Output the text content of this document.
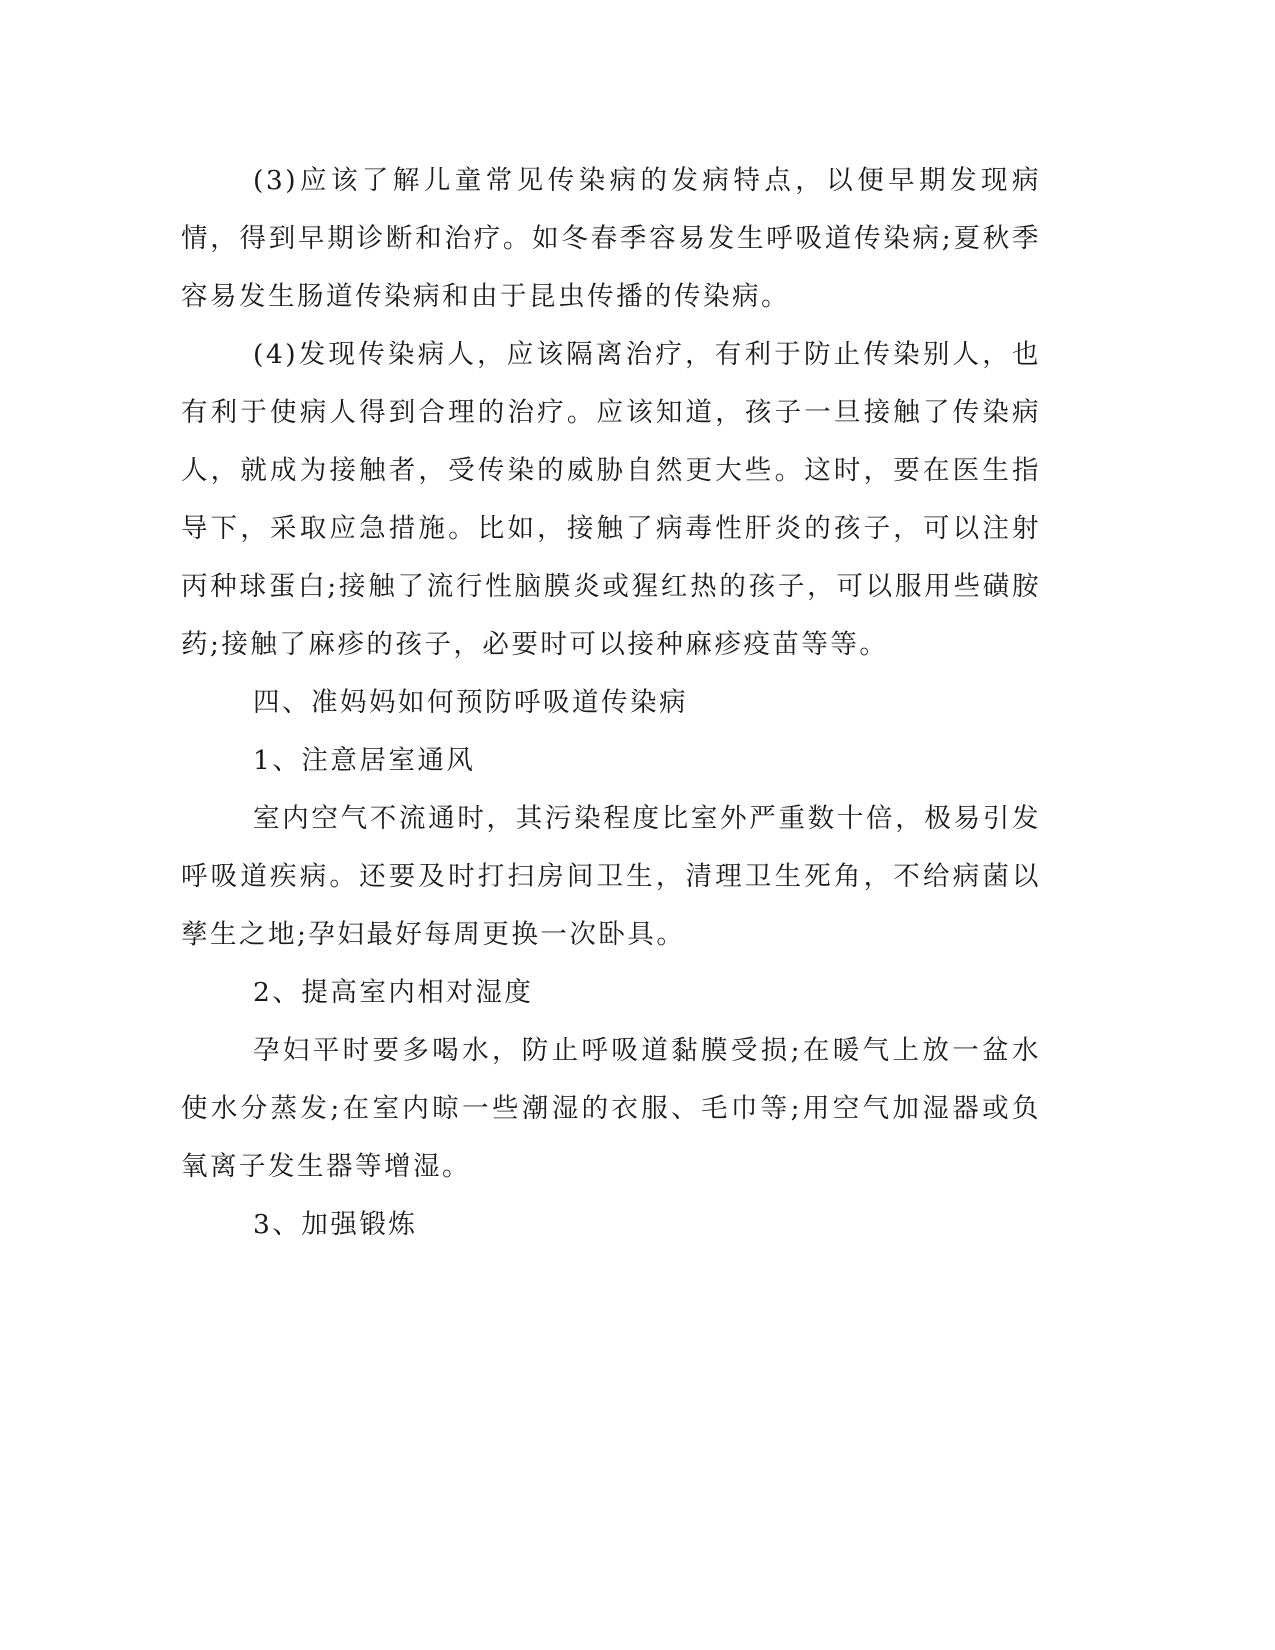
(3)应该了解儿童常见传染病的发病特点，以便早期发现病情，得到早期诊断和治疗。如冬春季容易发生呼吸道传染病;夏秋季容易发生肠道传染病和由于昆虫传播的传染病。

(4)发现传染病人，应该隔离治疗，有利于防止传染别人，也有利于使病人得到合理的治疗。应该知道，孩子一旦接触了传染病人，就成为接触者，受传染的威胁自然更大些。这时，要在医生指导下，采取应急措施。比如，接触了病毒性肝炎的孩子，可以注射丙种球蛋白;接触了流行性脑膜炎或猩红热的孩子，可以服用些磺胺药;接触了麻疹的孩子，必要时可以接种麻疹疫苗等等。

四、准妈妈如何预防呼吸道传染病

1、注意居室通风

室内空气不流通时，其污染程度比室外严重数十倍，极易引发呼吸道疾病。还要及时打扫房间卫生，清理卫生死角，不给病菌以孳生之地;孕妇最好每周更换一次卧具。

2、提高室内相对湿度

孕妇平时要多喝水，防止呼吸道黏膜受损;在暖气上放一盆水使水分蒸发;在室内晾一些潮湿的衣服、毛巾等;用空气加湿器或负氧离子发生器等增湿。

3、加强锻炼
